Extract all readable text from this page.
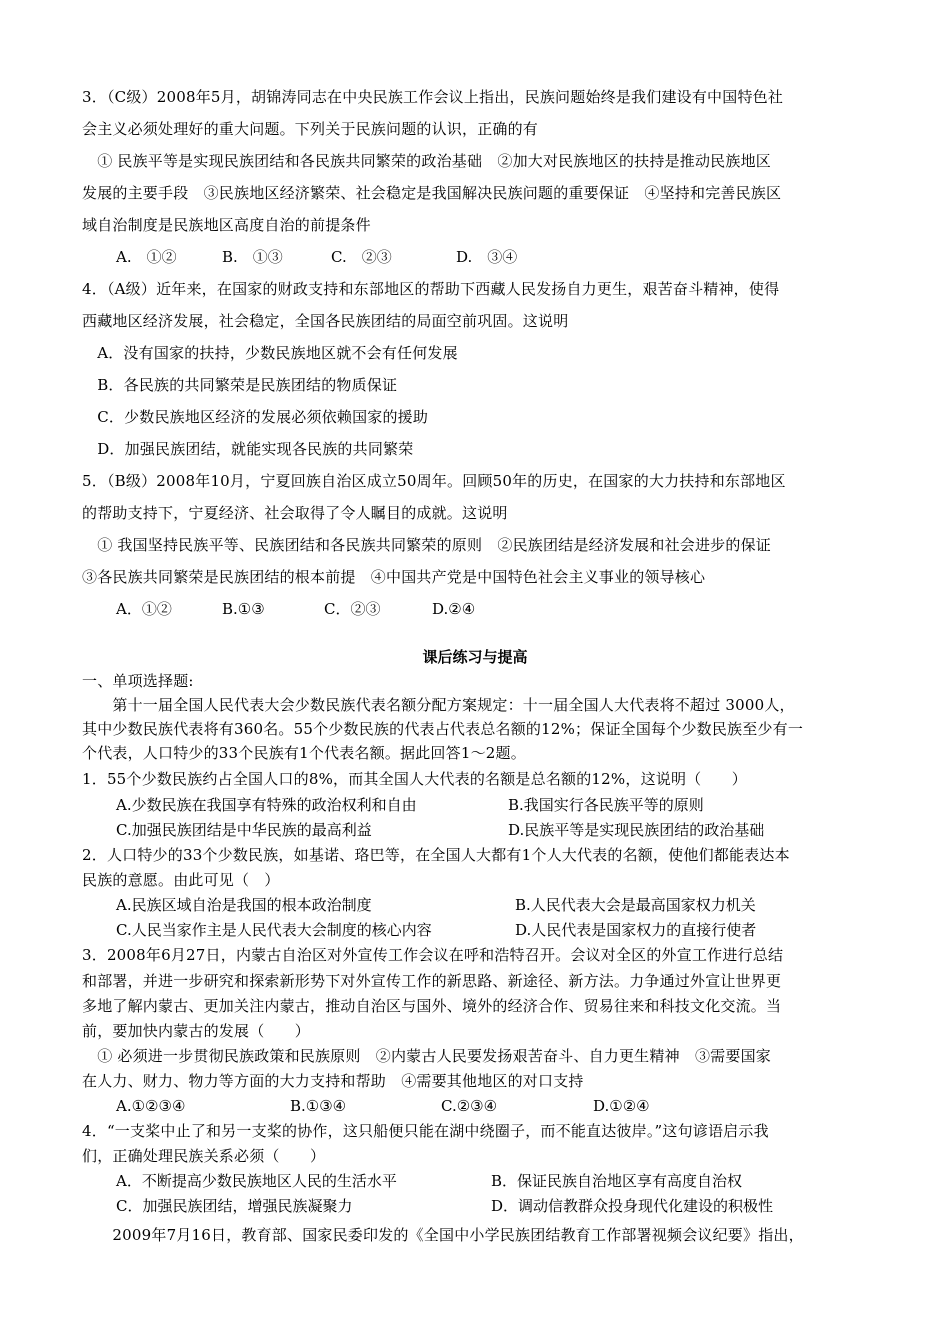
3．（C级）2008年5月，胡锦涛同志在中央民族工作会议上指出，民族问题始终是我们建设有中国特色社
会主义必须处理好的重大问题。下列关于民族问题的认识，正确的有
　① 民族平等是实现民族团结和各民族共同繁荣的政治基础　②加大对民族地区的扶持是推动民族地区
发展的主要手段　③民族地区经济繁荣、社会稳定是我国解决民族问题的重要保证　④坚持和完善民族区
域自治制度是民族地区高度自治的前提条件
A.　①②	B.　①③	C.　②③	D.　③④
4．（A级）近年来，在国家的财政支持和东部地区的帮助下西藏人民发扬自力更生，艰苦奋斗精神，使得
西藏地区经济发展，社会稳定，全国各民族团结的局面空前巩固。这说明
　A．没有国家的扶持，少数民族地区就不会有任何发展
　B．各民族的共同繁荣是民族团结的物质保证
　C．少数民族地区经济的发展必须依赖国家的援助
　D．加强民族团结，就能实现各民族的共同繁荣
5．（B级）2008年10月，宁夏回族自治区成立50周年。回顾50年的历史，在国家的大力扶持和东部地区
的帮助支持下，宁夏经济、社会取得了令人瞩目的成就。这说明
　① 我国坚持民族平等、民族团结和各民族共同繁荣的原则　②民族团结是经济发展和社会进步的保证
③各民族共同繁荣是民族团结的根本前提　④中国共产党是中国特色社会主义事业的领导核心
A．①②	B.①③	C．②③	D.②④
课后练习与提高
一、单项选择题:
　　第十一届全国人民代表大会少数民族代表名额分配方案规定：十一届全国人大代表将不超过 3000人，
其中少数民族代表将有360名。55个少数民族的代表占代表总名额的12%；保证全国每个少数民族至少有一
个代表，人口特少的33个民族有1个代表名额。据此回答1～2题。
1．55个少数民族约占全国人口的8%，而其全国人大代表的名额是总名额的12%，这说明（　　）
A.少数民族在我国享有特殊的政治权利和自由	B.我国实行各民族平等的原则
C.加强民族团结是中华民族的最高利益	D.民族平等是实现民族团结的政治基础
2．人口特少的33个少数民族，如基诺、珞巴等，在全国人大都有1个人大代表的名额，使他们都能表达本
民族的意愿。由此可见（　）
A.民族区域自治是我国的根本政治制度	B.人民代表大会是最高国家权力机关
C.人民当家作主是人民代表大会制度的核心内容	D.人民代表是国家权力的直接行使者
3．2008年6月27日，内蒙古自治区对外宣传工作会议在呼和浩特召开。会议对全区的外宣工作进行总结
和部署，并进一步研究和探索新形势下对外宣传工作的新思路、新途径、新方法。力争通过外宣让世界更
多地了解内蒙古、更加关注内蒙古，推动自治区与国外、境外的经济合作、贸易往来和科技文化交流。当
前，要加快内蒙古的发展（　　）
　① 必须进一步贯彻民族政策和民族原则　②内蒙古人民要发扬艰苦奋斗、自力更生精神　③需要国家
在人力、财力、物力等方面的大力支持和帮助　④需要其他地区的对口支持
A.①②③④	B.①③④	C.②③④	D.①②④
4．“一支桨中止了和另一支桨的协作，这只船便只能在湖中绕圈子，而不能直达彼岸。”这句谚语启示我
们，正确处理民族关系必须（　　）
A．不断提高少数民族地区人民的生活水平	B．保证民族自治地区享有高度自治权
C．加强民族团结，增强民族凝聚力	D．调动信教群众投身现代化建设的积极性
　　2009年7月16日，教育部、国家民委印发的《全国中小学民族团结教育工作部署视频会议纪要》指出，
